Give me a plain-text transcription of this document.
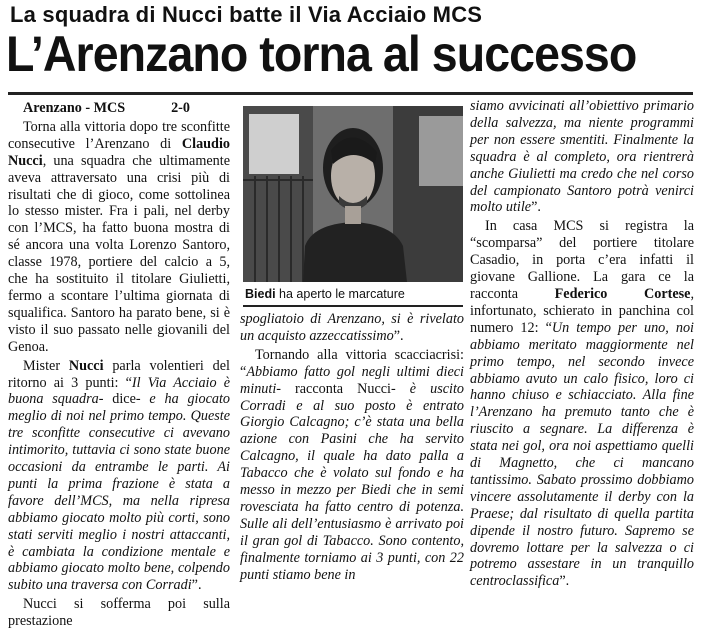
La squadra di Nucci batte il Via Acciaio MCS
L’Arenzano torna al successo

Arenzano - MCS	2-0

Torna alla vittoria dopo tre sconfitte consecutive l’Arenzano di Claudio Nucci, una squadra che ultimamente aveva attraversato una crisi più di risultati che di gioco, come sottolinea lo stesso mister. Fra i pali, nel derby con l’MCS, ha fatto buona mostra di sé ancora una volta Lorenzo Santoro, classe 1978, portiere del calcio a 5, che ha sostituito il titolare Giulietti, fermo a scontare l’ultima giornata di squalifica. Santoro ha parato bene, si è visto il suo passato nelle giovanili del Genoa.

Mister Nucci parla volentieri del ritorno ai 3 punti: “Il Via Acciaio è buona squadra- dice- e ha giocato meglio di noi nel primo tempo. Queste tre sconfitte consecutive ci avevano intimorito, tuttavia ci sono state buone occasioni da entrambe le parti. Ai punti la prima frazione è stata a favore dell’MCS, ma nella ripresa abbiamo giocato molto più corti, sono stati serviti meglio i nostri attaccanti, è cambiata la condizione mentale e abbiamo giocato molto bene, colpendo subito una traversa con Corradi”.

Nucci si sofferma poi sulla prestazione

Biedi ha aperto le marcature

spogliatoio di Arenzano, si è rivelato un acquisto azzeccatissimo”.

Tornando alla vittoria scacciacrisi: “Abbiamo fatto gol negli ultimi dieci minuti- racconta Nucci- è uscito Corradi e al suo posto è entrato Giorgio Calcagno; c’è stata una bella azione con Pasini che ha servito Calcagno, il quale ha dato palla a Tabacco che è volato sul fondo e ha messo in mezzo per Biedi che in semi rovesciata ha fatto centro di potenza. Sulle ali dell’entusiasmo è arrivato poi il gran gol di Tabacco. Sono contento, finalmente torniamo ai 3 punti, con 22 punti stiamo bene in

siamo avvicinati all’obiettivo primario della salvezza, ma niente programmi per non essere smentiti. Finalmente la squadra è al completo, ora rientrerà anche Giulietti ma credo che nel corso del campionato Santoro potrà venirci molto utile”.

In casa MCS si registra la “scomparsa” del portiere titolare Casadio, in porta c’era infatti il giovane Gallione. La gara ce la racconta Federico Cortese, infortunato, schierato in panchina col numero 12: “Un tempo per uno, noi abbiamo meritato maggiormente nel primo tempo, nel secondo invece abbiamo avuto un calo fisico, loro ci hanno chiuso e schiacciato. Alla fine l’Arenzano ha premuto tanto che è riuscito a segnare. La differenza è stata nei gol, ora noi aspettiamo quelli di Magnetto, che ci mancano tantissimo. Sabato prossimo dobbiamo vincere assolutamente il derby con la Praese; dal risultato di quella partita dipende il nostro futuro. Sapremo se dovremo lottare per la salvezza o ci potremo assestare in un tranquillo centroclassifica”.
